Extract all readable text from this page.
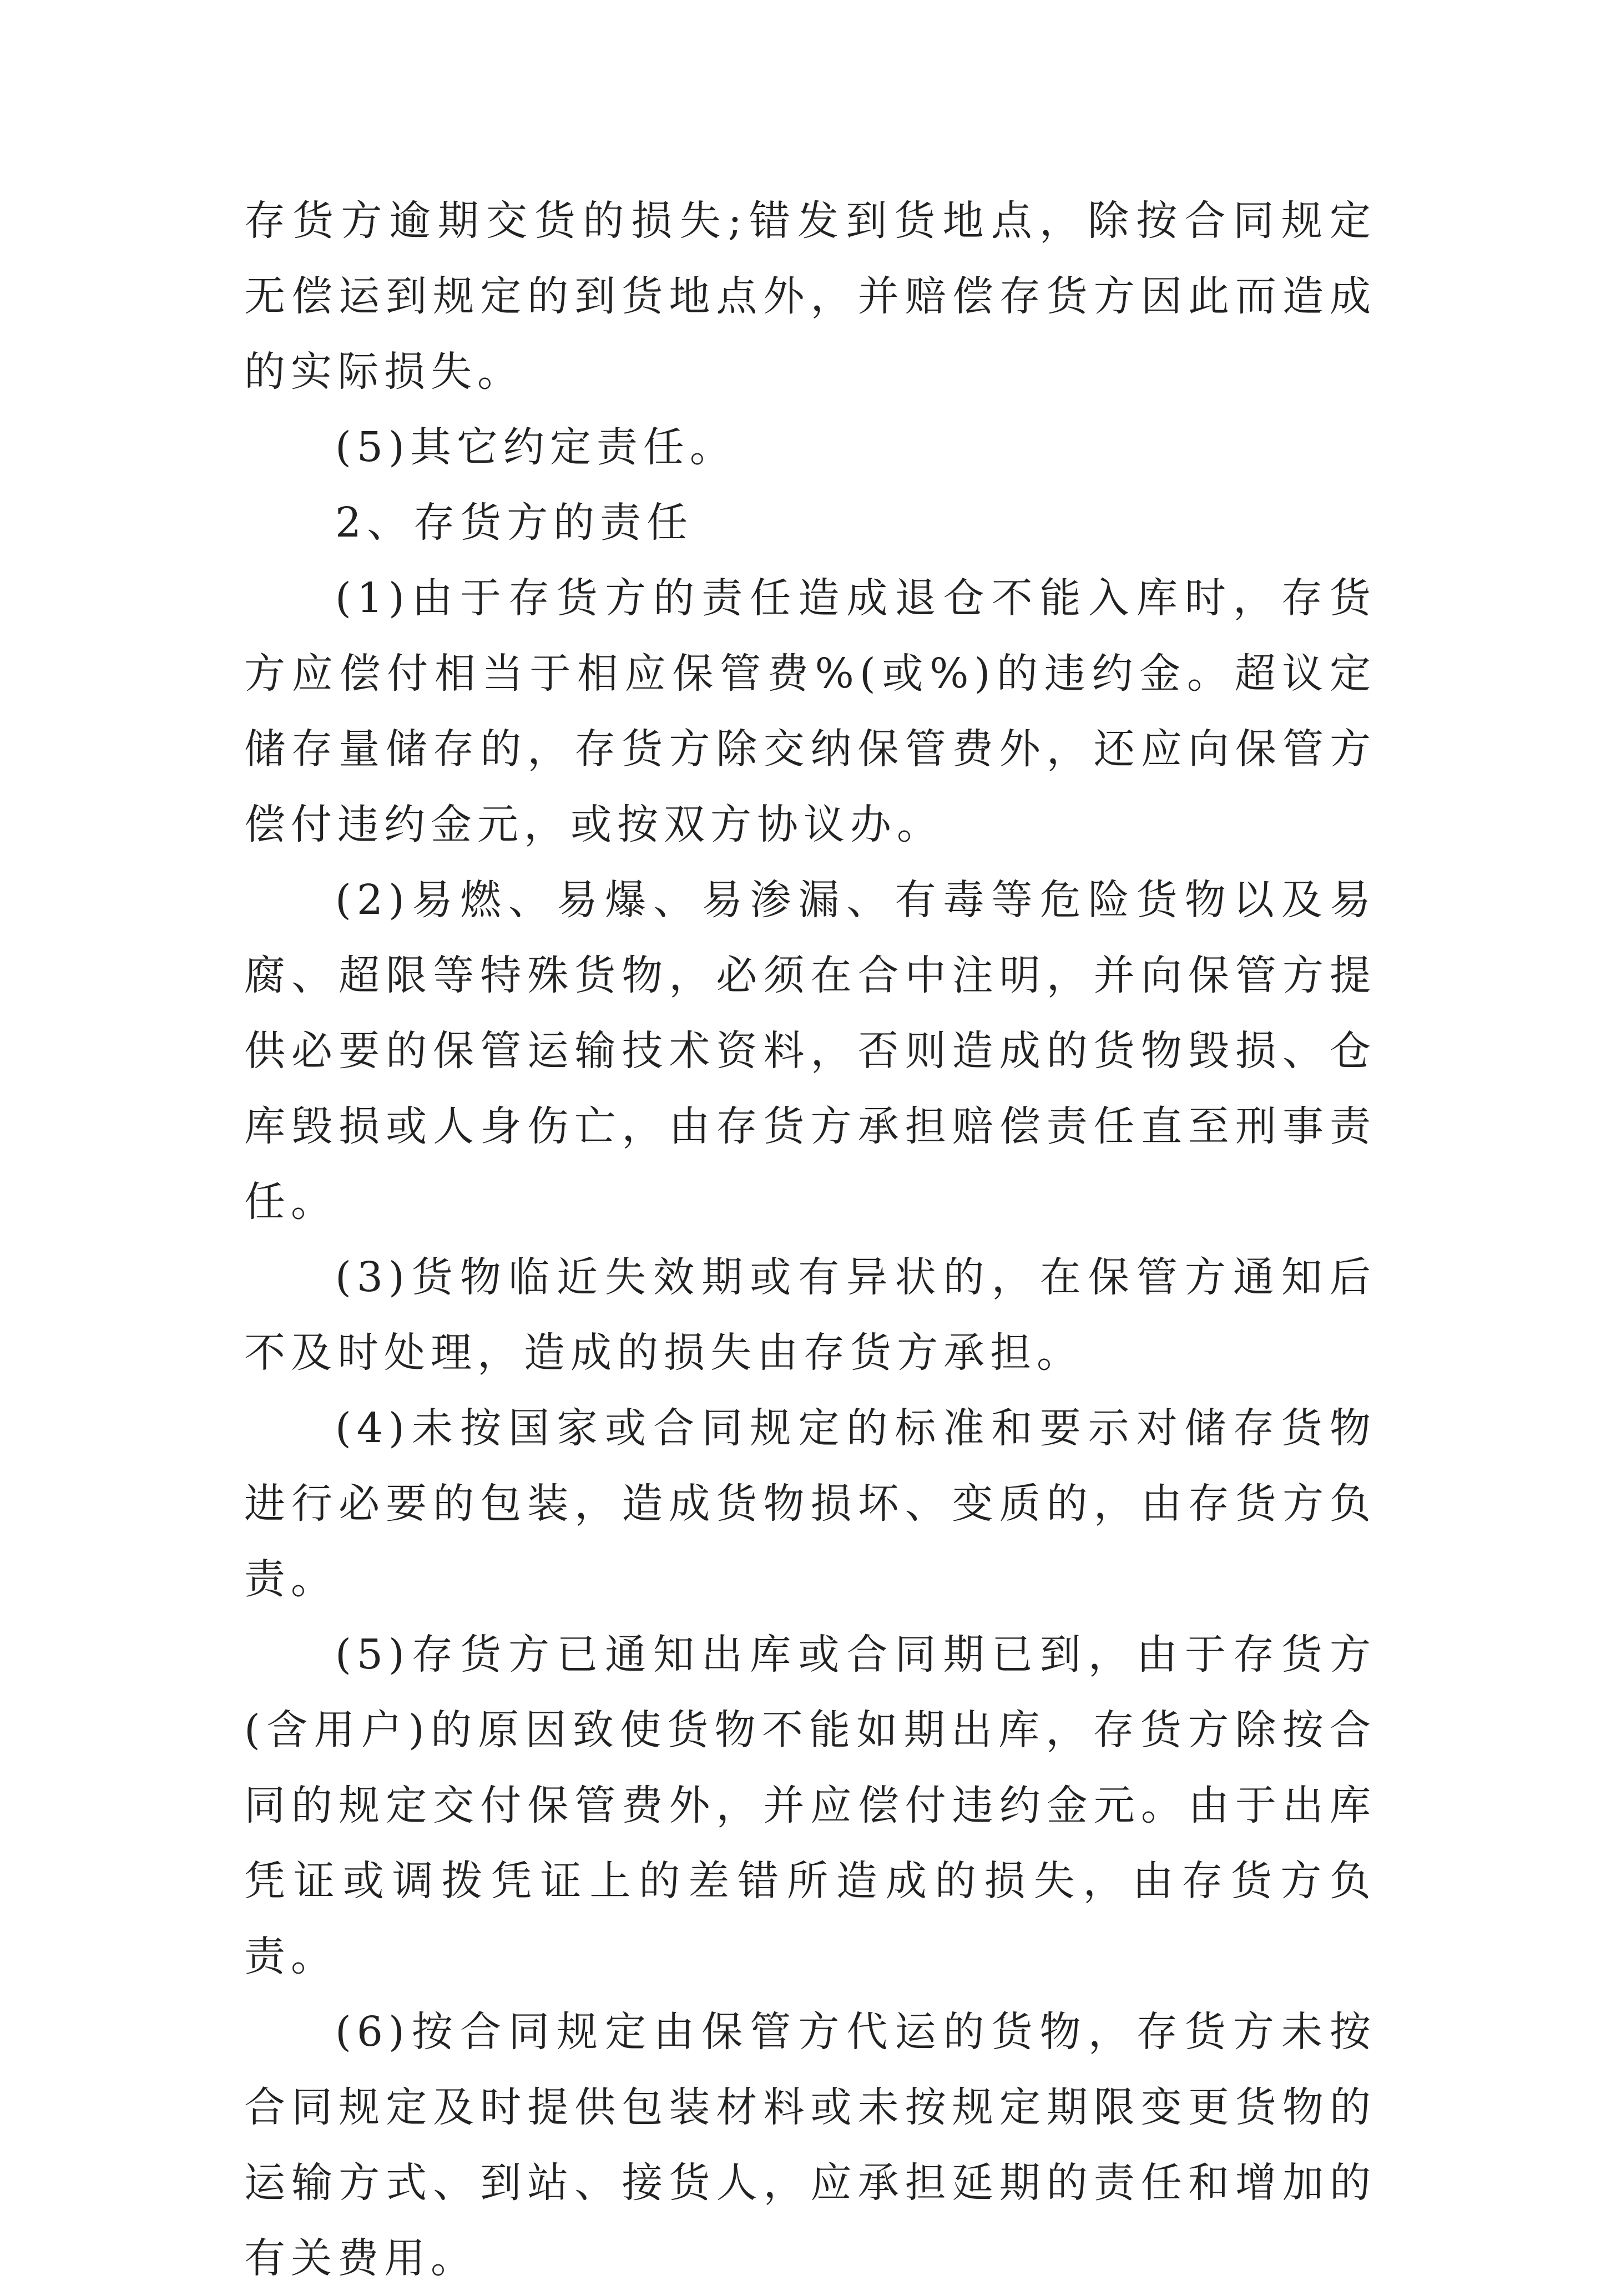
存货方逾期交货的损失;错发到货地点，除按合同规定无偿运到规定的到货地点外，并赔偿存货方因此而造成的实际损失。

(5)其它约定责任。

2、存货方的责任

(1)由于存货方的责任造成退仓不能入库时，存货方应偿付相当于相应保管费%(或%)的违约金。超议定储存量储存的，存货方除交纳保管费外，还应向保管方偿付违约金元，或按双方协议办。

(2)易燃、易爆、易渗漏、有毒等危险货物以及易腐、超限等特殊货物，必须在合中注明，并向保管方提供必要的保管运输技术资料，否则造成的货物毁损、仓库毁损或人身伤亡，由存货方承担赔偿责任直至刑事责任。

(3)货物临近失效期或有异状的，在保管方通知后不及时处理，造成的损失由存货方承担。

(4)未按国家或合同规定的标准和要示对储存货物进行必要的包装，造成货物损坏、变质的，由存货方负责。

(5)存货方已通知出库或合同期已到，由于存货方(含用户)的原因致使货物不能如期出库，存货方除按合同的规定交付保管费外，并应偿付违约金元。由于出库凭证或调拨凭证上的差错所造成的损失，由存货方负责。

(6)按合同规定由保管方代运的货物，存货方未按合同规定及时提供包装材料或未按规定期限变更货物的运输方式、到站、接货人，应承担延期的责任和增加的有关费用。
